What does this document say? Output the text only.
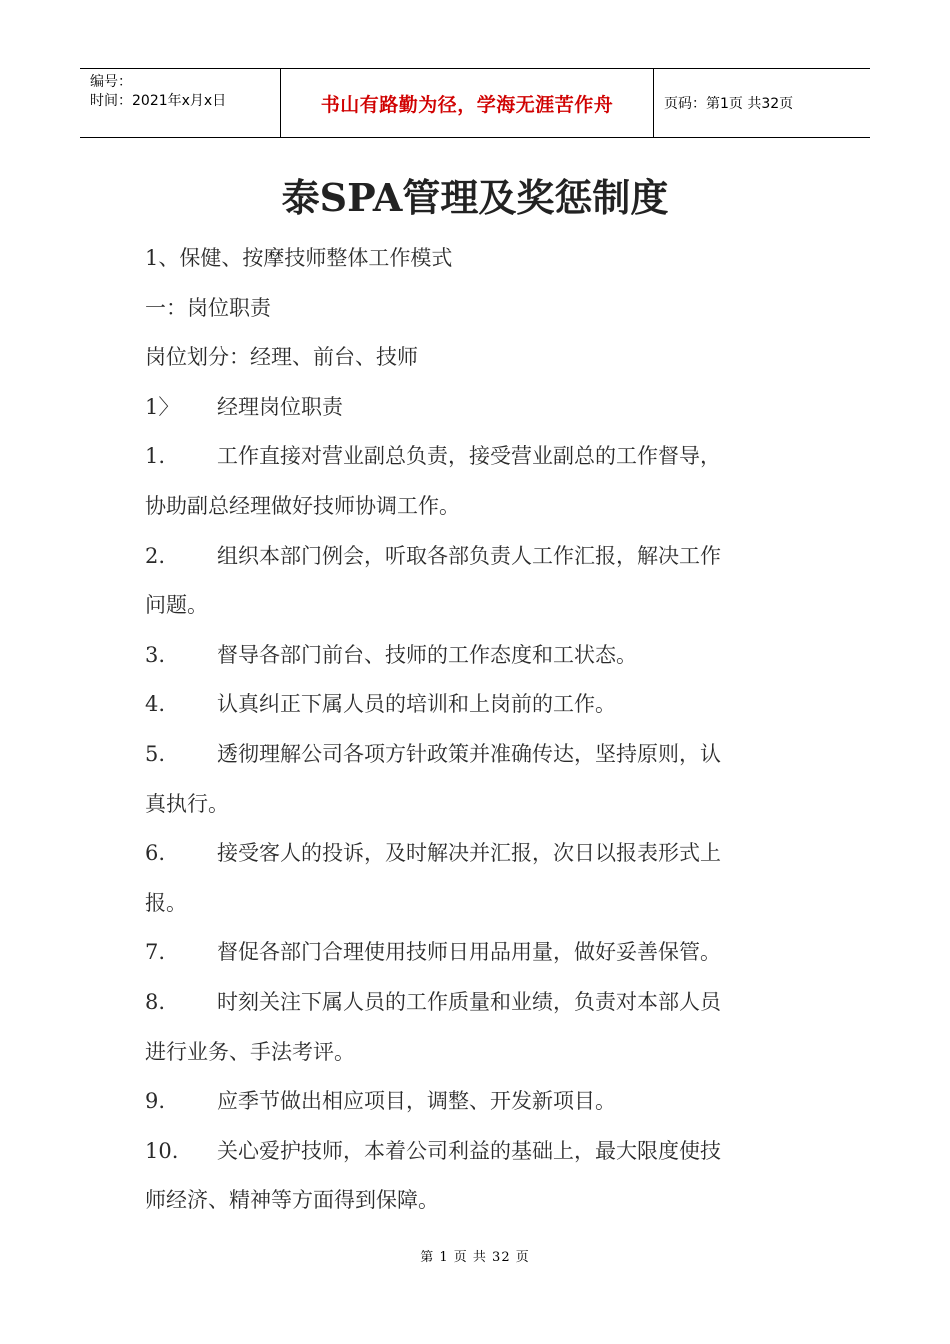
编号：
时间：2021年x月x日	书山有路勤为径，学海无涯苦作舟	页码：第1页 共32页
泰SPA管理及奖惩制度
1、保健、按摩技师整体工作模式
一：岗位职责
岗位划分：经理、前台、技师
1〉 经理岗位职责
1. 工作直接对营业副总负责，接受营业副总的工作督导，
协助副总经理做好技师协调工作。
2. 组织本部门例会，听取各部负责人工作汇报，解决工作
问题。
3. 督导各部门前台、技师的工作态度和工状态。
4. 认真纠正下属人员的培训和上岗前的工作。
5. 透彻理解公司各项方针政策并准确传达，坚持原则，认
真执行。
6. 接受客人的投诉，及时解决并汇报，次日以报表形式上
报。
7. 督促各部门合理使用技师日用品用量，做好妥善保管。
8. 时刻关注下属人员的工作质量和业绩，负责对本部人员
进行业务、手法考评。
9. 应季节做出相应项目，调整、开发新项目。
10. 关心爱护技师，本着公司利益的基础上，最大限度使技
师经济、精神等方面得到保障。
第 1 页 共 32 页
